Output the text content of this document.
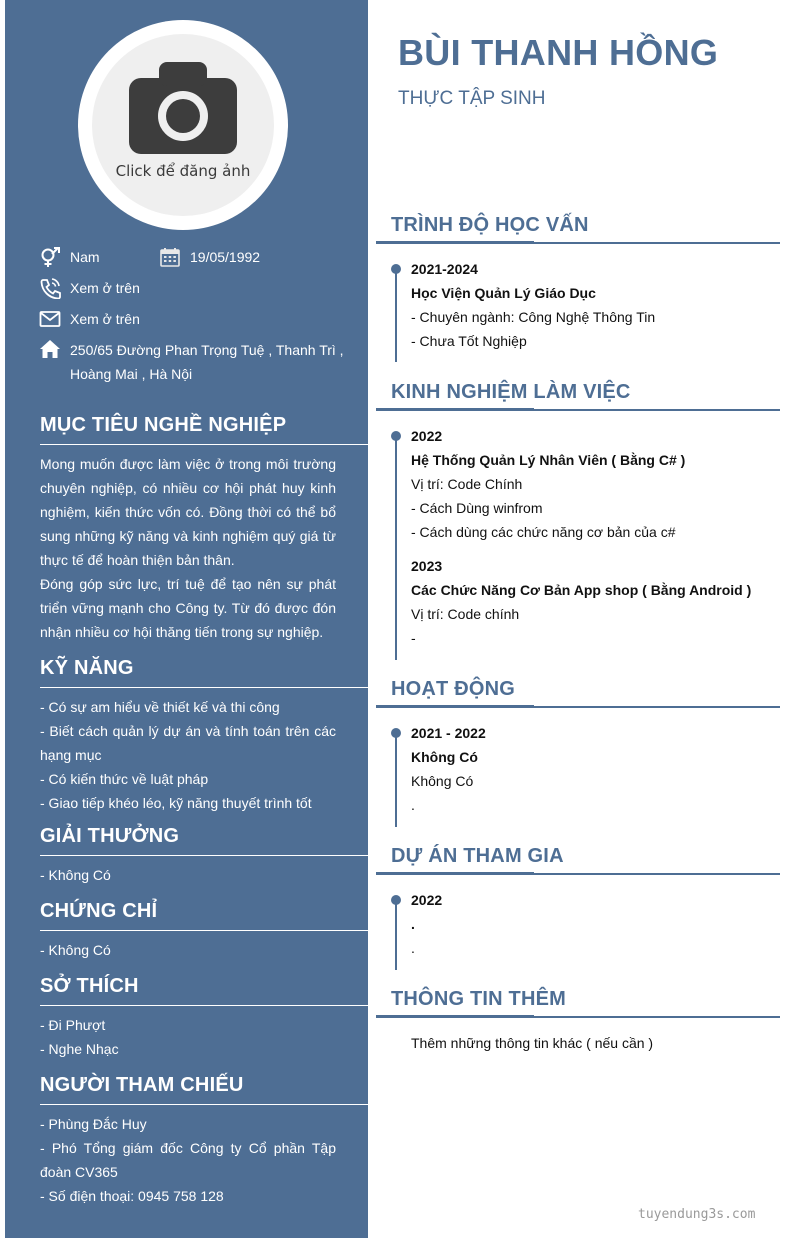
Click để đăng ảnh
Nam	19/05/1992
Xem ở trên
Xem ở trên
250/65 Đường Phan Trọng Tuệ , Thanh Trì ,
Hoàng Mai , Hà Nội
MỤC TIÊU NGHỀ NGHIỆP
Mong muốn được làm việc ở trong môi trường chuyên nghiệp, có nhiều cơ hội phát huy kinh nghiệm, kiến thức vốn có. Đồng thời có thể bổ sung những kỹ năng và kinh nghiệm quý giá từ thực tế để hoàn thiện bản thân.
Đóng góp sức lực, trí tuệ để tạo nên sự phát triển vững mạnh cho Công ty. Từ đó được đón nhận nhiều cơ hội thăng tiến trong sự nghiệp.
KỸ NĂNG
- Có sự am hiểu về thiết kế và thi công
- Biết cách quản lý dự án và tính toán trên các hạng mục
- Có kiến thức về luật pháp
- Giao tiếp khéo léo, kỹ năng thuyết trình tốt
GIẢI THƯỞNG
- Không Có
CHỨNG CHỈ
- Không Có
SỞ THÍCH
- Đi Phượt
- Nghe Nhạc
NGƯỜI THAM CHIẾU
- Phùng Đắc Huy
- Phó Tổng giám đốc Công ty Cổ phần Tập đoàn CV365
- Số điện thoại: 0945 758 128
BÙI THANH HỒNG
THỰC TẬP SINH
TRÌNH ĐỘ HỌC VẤN
2021-2024
Học Viện Quản Lý Giáo Dục
- Chuyên ngành: Công Nghệ Thông Tin
- Chưa Tốt Nghiệp
KINH NGHIỆM LÀM VIỆC
2022
Hệ Thống Quản Lý Nhân Viên ( Bằng C# )
Vị trí: Code Chính
- Cách Dùng winfrom
- Cách dùng các chức năng cơ bản của c#
2023
Các Chức Năng Cơ Bản App shop ( Bằng Android )
Vị trí: Code chính
-
HOẠT ĐỘNG
2021 - 2022
Không Có
Không Có
.
DỰ ÁN THAM GIA
2022
.
.
THÔNG TIN THÊM
Thêm những thông tin khác ( nếu cần )
tuyendung3s.com
